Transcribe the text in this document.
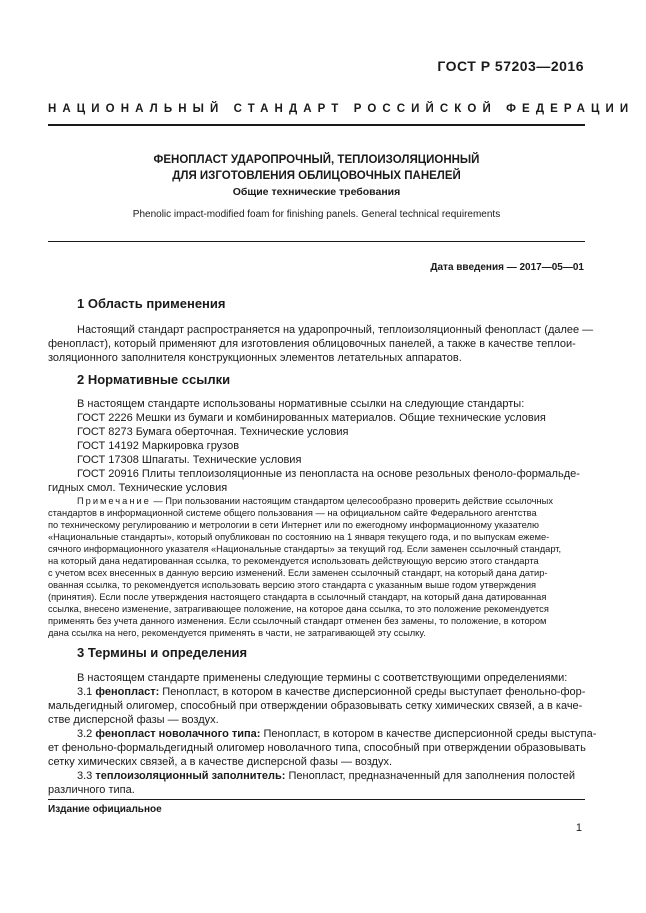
ГОСТ Р 57203—2016
НАЦИОНАЛЬНЫЙ СТАНДАРТ РОССИЙСКОЙ ФЕДЕРАЦИИ
ФЕНОПЛАСТ УДАРОПРОЧНЫЙ, ТЕПЛОИЗОЛЯЦИОННЫЙ
ДЛЯ ИЗГОТОВЛЕНИЯ ОБЛИЦОВОЧНЫХ ПАНЕЛЕЙ
Общие технические требования
Phenolic impact-modified foam for finishing panels. General technical requirements
Дата введения — 2017—05—01
1 Область применения
Настоящий стандарт распространяется на ударопрочный, теплоизоляционный фенопласт (далее —
фенопласт), который применяют для изготовления облицовочных панелей, а также в качестве теплои-
золяционного заполнителя конструкционных элементов летательных аппаратов.
2 Нормативные ссылки
В настоящем стандарте использованы нормативные ссылки на следующие стандарты:
ГОСТ 2226 Мешки из бумаги и комбинированных материалов. Общие технические условия
ГОСТ 8273 Бумага оберточная. Технические условия
ГОСТ 14192 Маркировка грузов
ГОСТ 17308 Шпагаты. Технические условия
ГОСТ 20916 Плиты теплоизоляционные из пенопласта на основе резольных феноло-формальде-
гидных смол. Технические условия
Примечание — При пользовании настоящим стандартом целесообразно проверить действие ссылочных
стандартов в информационной системе общего пользования — на официальном сайте Федерального агентства
по техническому регулированию и метрологии в сети Интернет или по ежегодному информационному указателю
«Национальные стандарты», который опубликован по состоянию на 1 января текущего года, и по выпускам ежеме-
сячного информационного указателя «Национальные стандарты» за текущий год. Если заменен ссылочный стандарт,
на который дана недатированная ссылка, то рекомендуется использовать действующую версию этого стандарта
с учетом всех внесенных в данную версию изменений. Если заменен ссылочный стандарт, на который дана датир-
ованная ссылка, то рекомендуется использовать версию этого стандарта с указанным выше годом утверждения
(принятия). Если после утверждения настоящего стандарта в ссылочный стандарт, на который дана датированная
ссылка, внесено изменение, затрагивающее положение, на которое дана ссылка, то это положение рекомендуется
применять без учета данного изменения. Если ссылочный стандарт отменен без замены, то положение, в котором
дана ссылка на него, рекомендуется применять в части, не затрагивающей эту ссылку.
3 Термины и определения
В настоящем стандарте применены следующие термины с соответствующими определениями:
3.1 фенопласт: Пенопласт, в котором в качестве дисперсионной среды выступает фенольно-фор-
мальдегидный олигомер, способный при отверждении образовывать сетку химических связей, а в каче-
стве дисперсной фазы — воздух.
3.2 фенопласт новолачного типа: Пенопласт, в котором в качестве дисперсионной среды выступа-
ет фенольно-формальдегидный олигомер новолачного типа, способный при отверждении образовывать
сетку химических связей, а в качестве дисперсной фазы — воздух.
3.3 теплоизоляционный заполнитель: Пенопласт, предназначенный для заполнения полостей
различного типа.
Издание официальное
1
